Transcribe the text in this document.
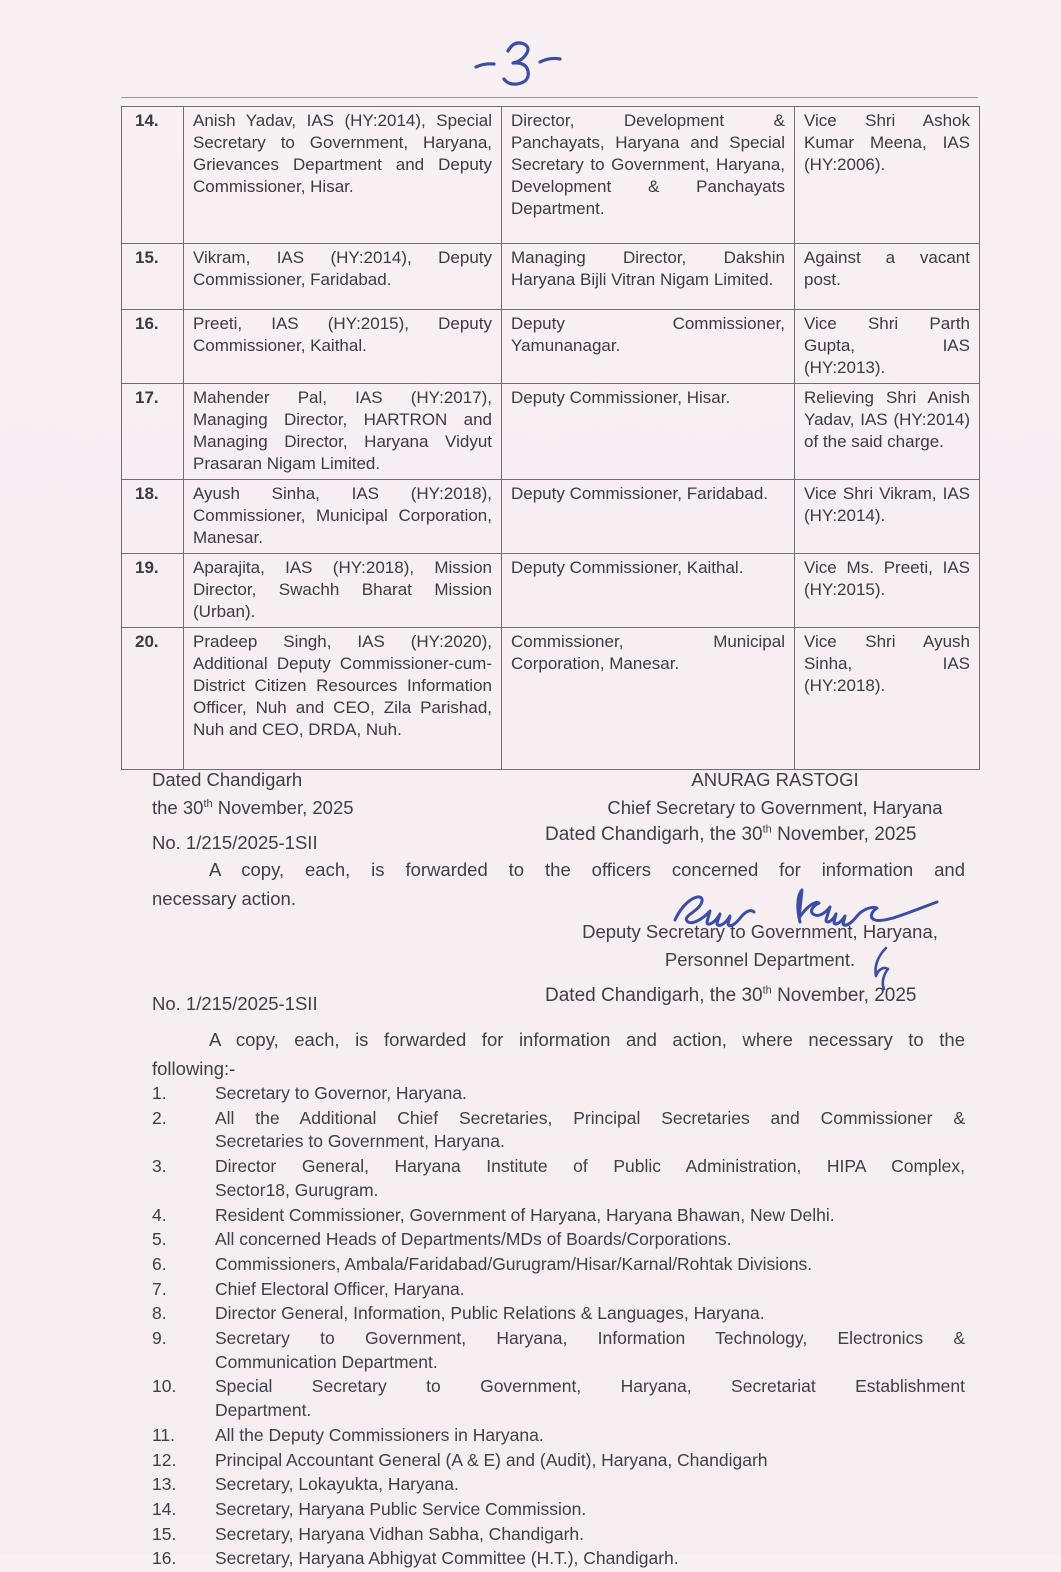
14.	Anish Yadav, IAS (HY:2014), Special Secretary to Government, Haryana, Grievances Department and Deputy Commissioner, Hisar.	Director, Development & Panchayats, Haryana and Special Secretary to Government, Haryana, Development & Panchayats Department.	Vice Shri Ashok Kumar Meena, IAS (HY:2006).
15.	Vikram, IAS (HY:2014), Deputy Commissioner, Faridabad.	Managing Director, Dakshin Haryana Bijli Vitran Nigam Limited.	Against a vacant post.
16.	Preeti, IAS (HY:2015), Deputy Commissioner, Kaithal.	Deputy Commissioner, Yamunanagar.	Vice Shri Parth Gupta, IAS (HY:2013).
17.	Mahender Pal, IAS (HY:2017), Managing Director, HARTRON and Managing Director, Haryana Vidyut Prasaran Nigam Limited.	Deputy Commissioner, Hisar.	Relieving Shri Anish Yadav, IAS (HY:2014) of the said charge.
18.	Ayush Sinha, IAS (HY:2018), Commissioner, Municipal Corporation, Manesar.	Deputy Commissioner, Faridabad.	Vice Shri Vikram, IAS (HY:2014).
19.	Aparajita, IAS (HY:2018), Mission Director, Swachh Bharat Mission (Urban).	Deputy Commissioner, Kaithal.	Vice Ms. Preeti, IAS (HY:2015).
20.	Pradeep Singh, IAS (HY:2020), Additional Deputy Commissioner-cum-District Citizen Resources Information Officer, Nuh and CEO, Zila Parishad, Nuh and CEO, DRDA, Nuh.	Commissioner, Municipal Corporation, Manesar.	Vice Shri Ayush Sinha, IAS (HY:2018).
Dated Chandigarh
the 30th November, 2025
ANURAG RASTOGI
Chief Secretary to Government, Haryana
No. 1/215/2025-1SII	Dated Chandigarh, the 30th November, 2025
A copy, each, is forwarded to the officers concerned for information and
necessary action.
Deputy Secretary to Government, Haryana,
Personnel Department.
No. 1/215/2025-1SII	Dated Chandigarh, the 30th November, 2025
A copy, each, is forwarded for information and action, where necessary to the
following:-
1.	Secretary to Governor, Haryana.
2.	All the Additional Chief Secretaries, Principal Secretaries and Commissioner &
Secretaries to Government, Haryana.
3.	Director General, Haryana Institute of Public Administration, HIPA Complex,
Sector18, Gurugram.
4.	Resident Commissioner, Government of Haryana, Haryana Bhawan, New Delhi.
5.	All concerned Heads of Departments/MDs of Boards/Corporations.
6.	Commissioners, Ambala/Faridabad/Gurugram/Hisar/Karnal/Rohtak Divisions.
7.	Chief Electoral Officer, Haryana.
8.	Director General, Information, Public Relations & Languages, Haryana.
9.	Secretary to Government, Haryana, Information Technology, Electronics &
Communication Department.
10.	Special Secretary to Government, Haryana, Secretariat Establishment
Department.
11.	All the Deputy Commissioners in Haryana.
12.	Principal Accountant General (A & E) and (Audit), Haryana, Chandigarh
13.	Secretary, Lokayukta, Haryana.
14.	Secretary, Haryana Public Service Commission.
15.	Secretary, Haryana Vidhan Sabha, Chandigarh.
16.	Secretary, Haryana Abhigyat Committee (H.T.), Chandigarh.
